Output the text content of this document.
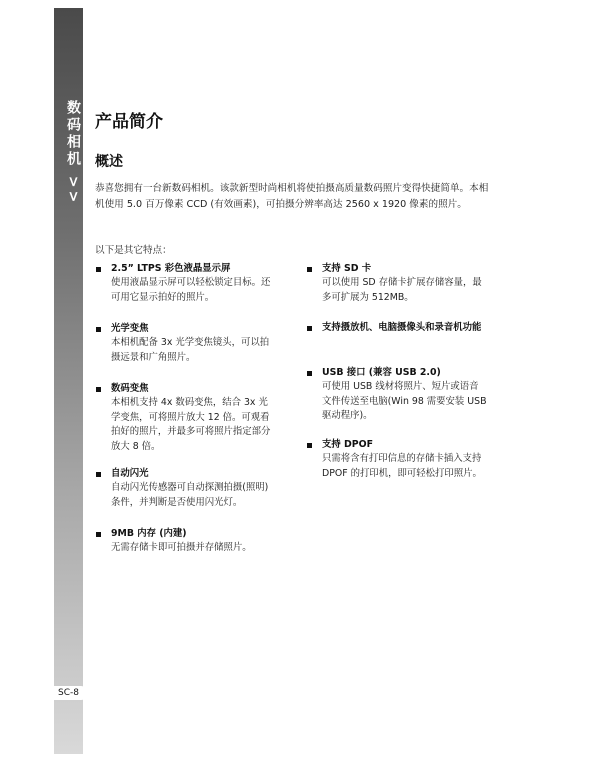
数码相机 >>
SC-8
产品简介
概述

恭喜您拥有一台新数码相机。该款新型时尚相机将使拍摄高质量数码照片变得快捷简单。本相机使用 5.0 百万像素 CCD (有效画素)，可拍摄分辨率高达 2560 x 1920 像素的照片。

以下是其它特点：
2.5” LTPS 彩色液晶显示屏
使用液晶显示屏可以轻松锁定目标。还可用它显示拍好的照片。
光学变焦
本相机配备 3x 光学变焦镜头，可以拍摄远景和广角照片。
数码变焦
本相机支持 4x 数码变焦，结合 3x 光学变焦，可将照片放大 12 倍。可观看拍好的照片，并最多可将照片指定部分放大 8 倍。
自动闪光
自动闪光传感器可自动探测拍摄(照明)条件，并判断是否使用闪光灯。
9MB 内存 (内建)
无需存储卡即可拍摄并存储照片。
支持 SD 卡
可以使用 SD 存储卡扩展存储容量，最多可扩展为 512MB。
支持摄放机、电脑摄像头和录音机功能
USB 接口 (兼容 USB 2.0)
可使用 USB 线材将照片、短片或语音文件传送至电脑(Win 98 需要安装 USB 驱动程序)。
支持 DPOF
只需将含有打印信息的存储卡插入支持 DPOF 的打印机，即可轻松打印照片。
